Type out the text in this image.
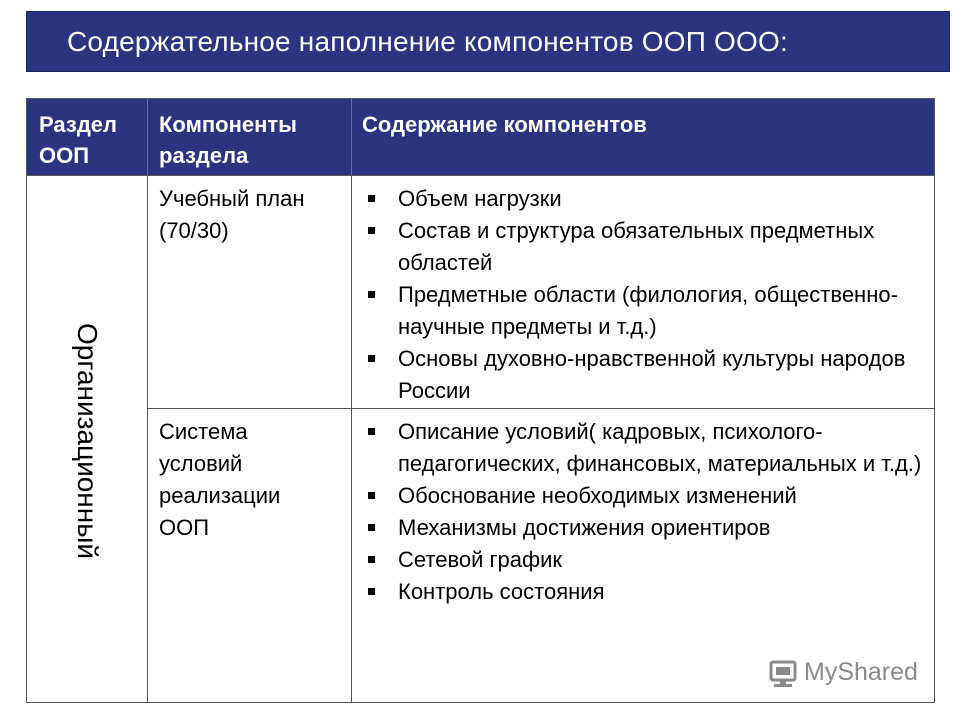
Содержательное наполнение компонентов ООП ООО:
Раздел ООП
Компоненты раздела
Содержание компонентов
Организационный
Учебный план (70/30)
Объем нагрузки
Состав и структура обязательных предметных областей
Предметные области (филология, общественно-научные предметы и т.д.)
Основы духовно-нравственной культуры народов России
Система условий реализации ООП
Описание условий( кадровых, психолого-педагогических, финансовых, материальных и т.д.)
Обоснование необходимых изменений
Механизмы достижения ориентиров
Сетевой график
Контроль состояния
MyShared
